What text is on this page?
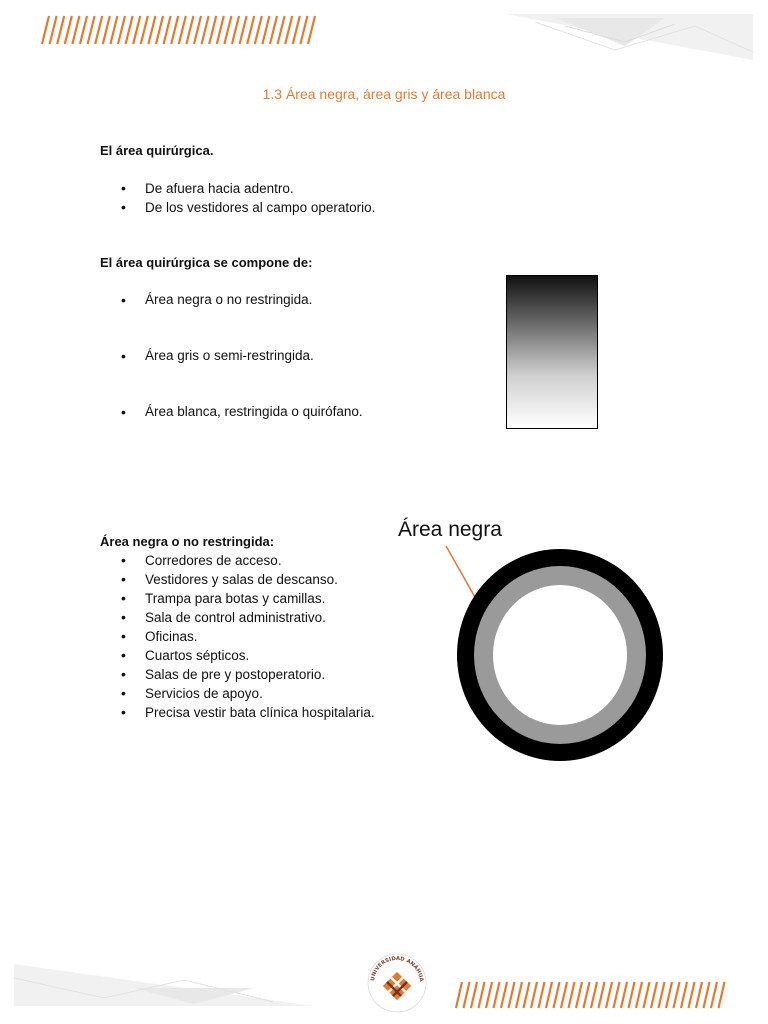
1.3 Área negra, área gris y área blanca
El área quirúrgica.
• De afuera hacia adentro.
• De los vestidores al campo operatorio.
El área quirúrgica se compone de:
• Área negra o no restringida.
• Área gris o semi-restringida.
• Área blanca, restringida o quirófano.
Área negra o no restringida:
• Corredores de acceso.
• Vestidores y salas de descanso.
• Trampa para botas y camillas.
• Sala de control administrativo.
• Oficinas.
• Cuartos sépticos.
• Salas de pre y postoperatorio.
• Servicios de apoyo.
• Precisa vestir bata clínica hospitalaria.
Área negra
UNIVERSIDAD ANÁHUA
